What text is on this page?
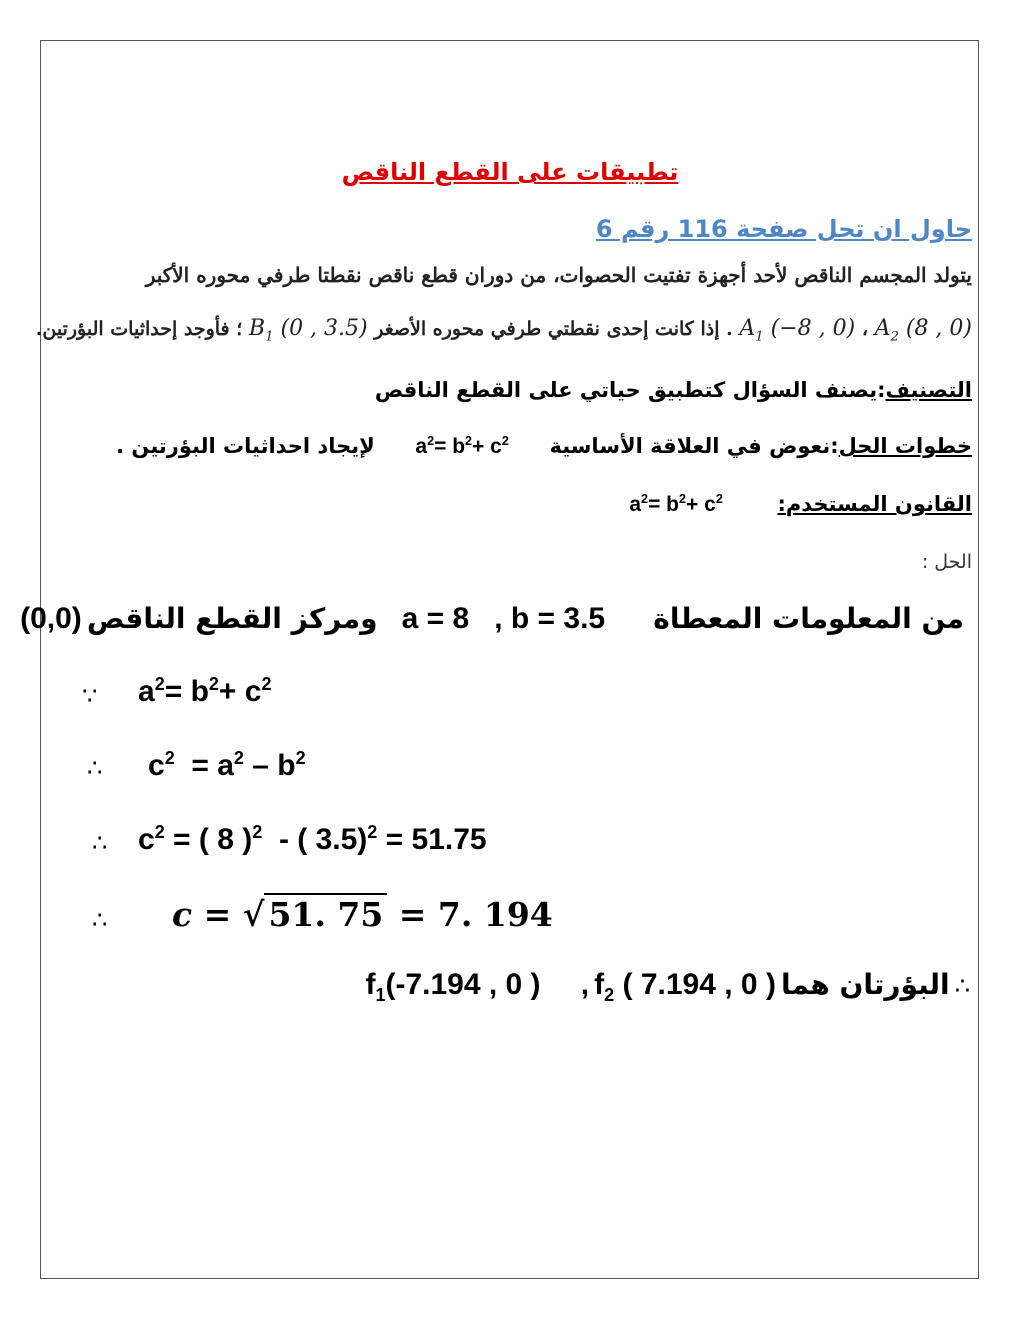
تطبيقات على القطع الناقص
حاول ان تحل صفحة 116 رقم 6
يتولد المجسم الناقص لأحد أجهزة تفتيت الحصوات، من دوران قطع ناقص نقطتا طرفي محوره الأكبر
$A_2$ (8 , 0) ، $A_1$ (−8 , 0) . إذا كانت إحدى نقطتي طرفي محوره الأصغر $B_1$ (0 , 3.5) ؛ فأوجد إحداثيات البؤرتين.
التصنيف:يصنف السؤال كتطبيق حياتي على القطع الناقص
خطوات الحل:نعوض في العلاقة الأساسية  $a^2= b^2+ c^2$  لإيجاد احداثيات البؤرتين .
القانون المستخدم:  $a^2= b^2+ c^2$
الحل :
من المعلومات المعطاة  a = 8   , b = 3.5  ومركز القطع الناقص (0,0)
∵ $a^2= b^2+ c^2$
∴ $c^2 = a^2 - b^2$
∴ $c^2$ = ( 8 )$^2$  - ( 3.5)$^2$ = 51.75
∴ c = √ 51. 75 = 7. 194
∴ البؤرتان هما $f_2$ ( 7.194 , 0 ) ,  $f_1(-7.194$ , 0 )
